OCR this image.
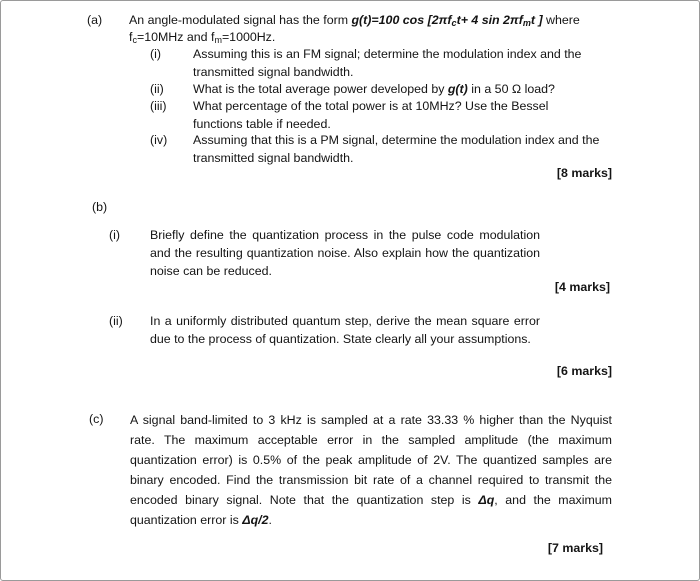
(a) An angle-modulated signal has the form g(t)=100 $\cos [2\pi f_ct+ 4$ $\sin 2\pi f_mt$ ] where
$f_c=10MHz$ and $f_m=1000Hz$.
(i)	Assuming this is an FM signal; determine the modulation index and the transmitted signal bandwidth.
(ii) What is the total average power developed by g(t) in a 50 Ω load?
(iii) What percentage of the total power is at 10MHz? Use the Bessel functions table if needed.
(iv) Assuming that this is a PM signal, determine the modulation index and the transmitted signal bandwidth.
[8 marks]
(b)
(i) Briefly define the quantization process in the pulse code modulation and the resulting quantization noise. Also explain how the quantization noise can be reduced.
[4 marks]
(ii) In a uniformly distributed quantum step, derive the mean square error due to the process of quantization. State clearly all your assumptions.
[6 marks]
(c) A signal band-limited to 3 kHz is sampled at a rate 33.33 % higher than the Nyquist rate. The maximum acceptable error in the sampled amplitude (the maximum quantization error) is 0.5% of the peak amplitude of 2V. The quantized samples are binary encoded. Find the transmission bit rate of a channel required to transmit the encoded binary signal. Note that the quantization step is Δq, and the maximum quantization error is Δq/2.
[7 marks]
